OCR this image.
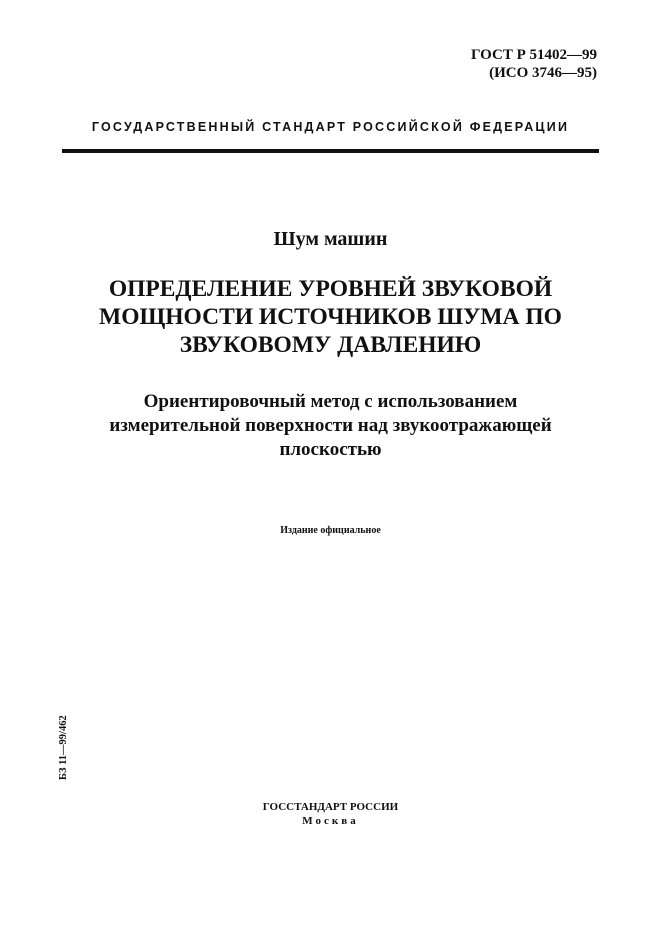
ГОСТ Р 51402—99
(ИСО 3746—95)
ГОСУДАРСТВЕННЫЙ СТАНДАРТ РОССИЙСКОЙ ФЕДЕРАЦИИ
Шум машин
ОПРЕДЕЛЕНИЕ УРОВНЕЙ ЗВУКОВОЙ
МОЩНОСТИ ИСТОЧНИКОВ ШУМА ПО
ЗВУКОВОМУ ДАВЛЕНИЮ
Ориентировочный метод с использованием
измерительной поверхности над звукоотражающей
плоскостью
Издание официальное
БЗ 11—99/462
ГОССТАНДАРТ РОССИИ
Москва
